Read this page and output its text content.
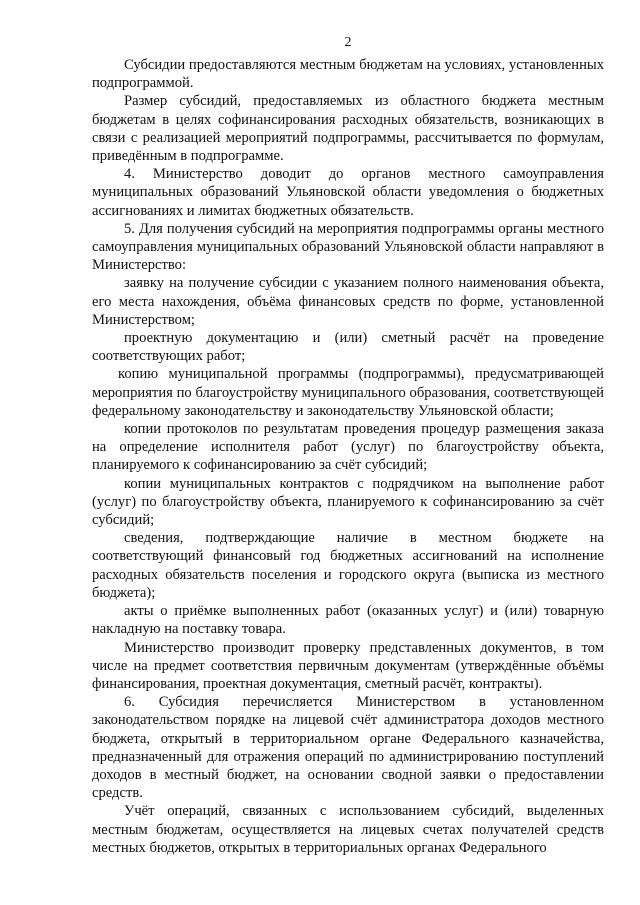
2

Субсидии предоставляются местным бюджетам на условиях, установленных подпрограммой.

Размер субсидий, предоставляемых из областного бюджета местным бюджетам в целях софинансирования расходных обязательств, возникающих в связи с реализацией мероприятий подпрограммы, рассчитывается по формулам, приведённым в подпрограмме.

4. Министерство доводит до органов местного самоуправления муниципальных образований Ульяновской области уведомления о бюджетных ассигнованиях и лимитах бюджетных обязательств.

5. Для получения субсидий на мероприятия подпрограммы органы местного самоуправления муниципальных образований Ульяновской области направляют в Министерство:

заявку на получение субсидии с указанием полного наименования объекта, его места нахождения, объёма финансовых средств по форме, установленной Министерством;

проектную документацию и (или) сметный расчёт на проведение соответствующих работ;

копию муниципальной программы (подпрограммы), предусматривающей мероприятия по благоустройству муниципального образования, соответствующей федеральному законодательству и законодательству Ульяновской области;

копии протоколов по результатам проведения процедур размещения заказа на определение исполнителя работ (услуг) по благоустройству объекта, планируемого к софинансированию за счёт субсидий;

копии муниципальных контрактов с подрядчиком на выполнение работ (услуг) по благоустройству объекта, планируемого к софинансированию за счёт субсидий;

сведения, подтверждающие наличие в местном бюджете на соответствующий финансовый год бюджетных ассигнований на исполнение расходных обязательств поселения и городского округа (выписка из местного бюджета);

акты о приёмке выполненных работ (оказанных услуг) и (или) товарную накладную на поставку товара.

Министерство производит проверку представленных документов, в том числе на предмет соответствия первичным документам (утверждённые объёмы финансирования, проектная документация, сметный расчёт, контракты).

6. Субсидия перечисляется Министерством в установленном законодательством порядке на лицевой счёт администратора доходов местного бюджета, открытый в территориальном органе Федерального казначейства, предназначенный для отражения операций по администрированию поступлений доходов в местный бюджет, на основании сводной заявки о предоставлении средств.

Учёт операций, связанных с использованием субсидий, выделенных местным бюджетам, осуществляется на лицевых счетах получателей средств местных бюджетов, открытых в территориальных органах Федерального
